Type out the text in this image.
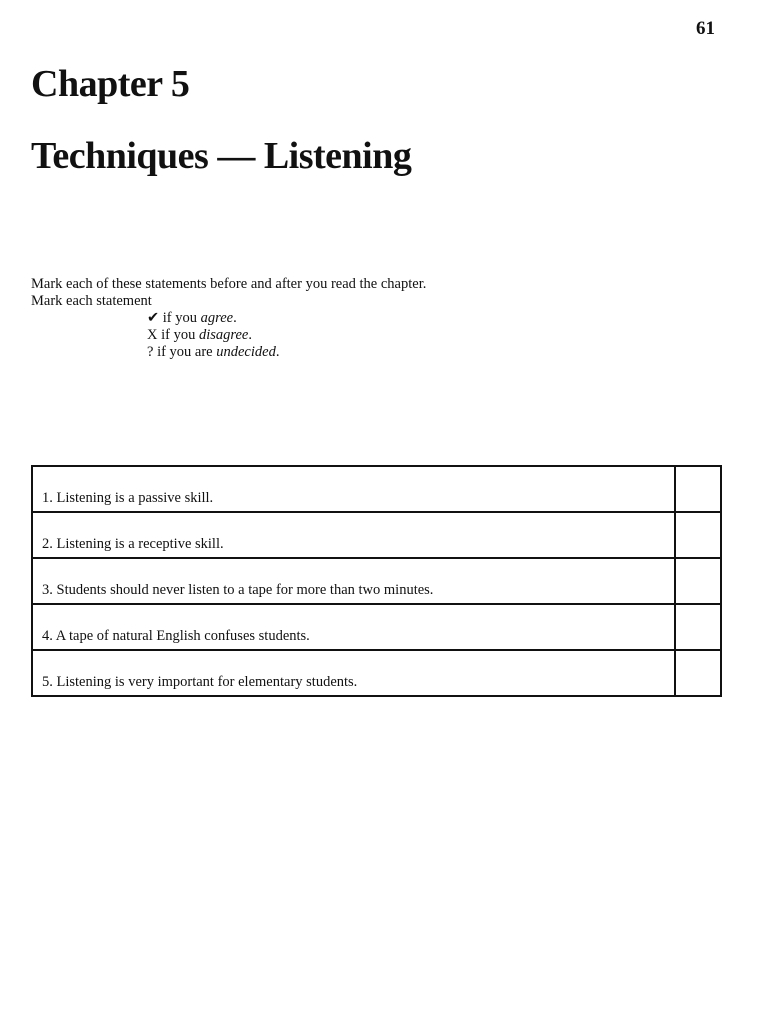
61
Chapter 5
Techniques — Listening
Mark each of these statements before and after you read the chapter.
Mark each statement
✔ if you agree.
X if you disagree.
? if you are undecided.
1. Listening is a passive skill.	
2. Listening is a receptive skill.	
3. Students should never listen to a tape for more than two minutes.	
4. A tape of natural English confuses students.	
5. Listening is very important for elementary students.	
